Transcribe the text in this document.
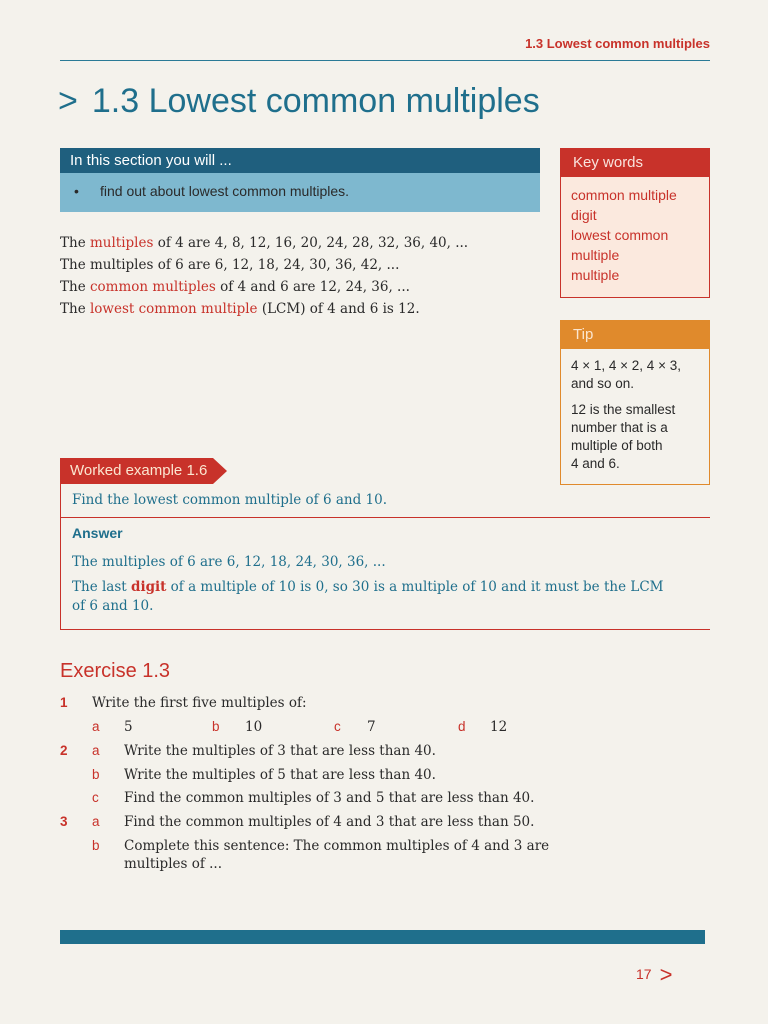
1.3 Lowest common multiples
> 1.3 Lowest common multiples
In this section you will ...
• find out about lowest common multiples.
Key words
common multiple
digit
lowest common
multiple
multiple
The multiples of 4 are 4, 8, 12, 16, 20, 24, 28, 32, 36, 40, ...
The multiples of 6 are 6, 12, 18, 24, 30, 36, 42, ...
The common multiples of 4 and 6 are 12, 24, 36, ...
The lowest common multiple (LCM) of 4 and 6 is 12.
Tip
4 × 1, 4 × 2, 4 × 3,
and so on.
12 is the smallest
number that is a
multiple of both
4 and 6.
Worked example 1.6
Find the lowest common multiple of 6 and 10.
Answer
The multiples of 6 are 6, 12, 18, 24, 30, 36, ...
The last digit of a multiple of 10 is 0, so 30 is a multiple of 10 and it must be the LCM
of 6 and 10.
Exercise 1.3
1 Write the first five multiples of:
a 5	b 10	c 7	d 12
2 a Write the multiples of 3 that are less than 40.
b Write the multiples of 5 that are less than 40.
c Find the common multiples of 3 and 5 that are less than 40.
3 a Find the common multiples of 4 and 3 that are less than 50.
b Complete this sentence: The common multiples of 4 and 3 are
multiples of ...
17 >
